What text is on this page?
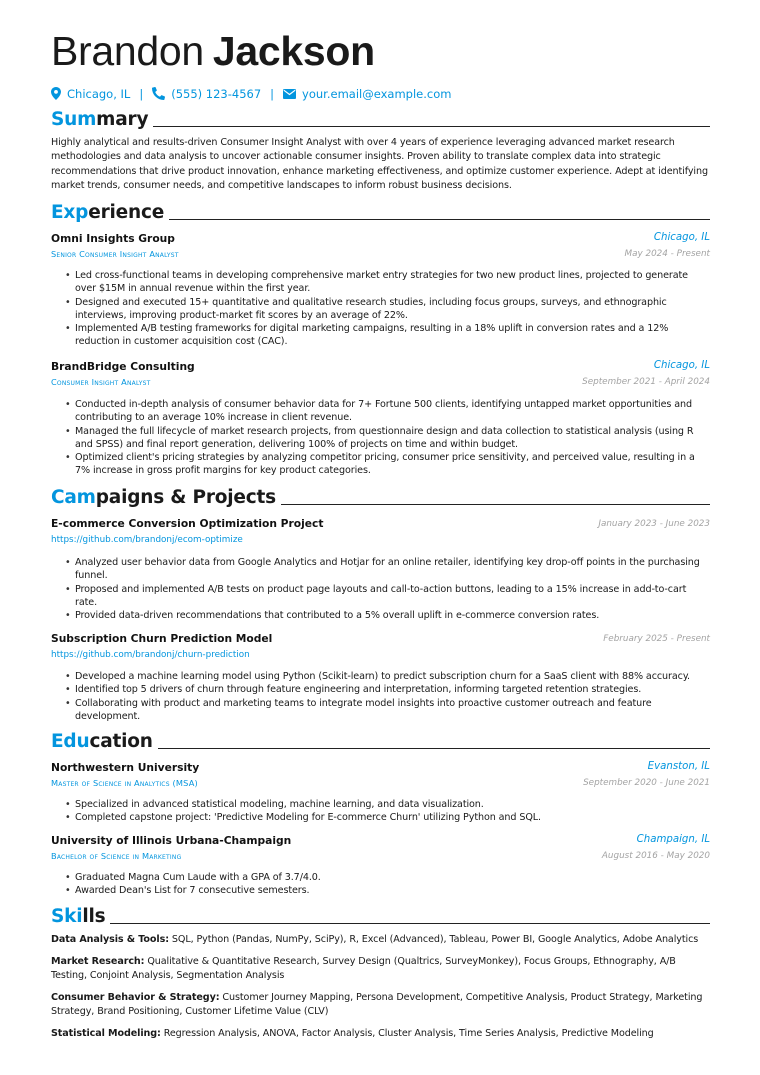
Brandon Jackson
Chicago, IL | (555) 123-4567 | your.email@example.com
Summary
Highly analytical and results-driven Consumer Insight Analyst with over 4 years of experience leveraging advanced market research methodologies and data analysis to uncover actionable consumer insights. Proven ability to translate complex data into strategic recommendations that drive product innovation, enhance marketing effectiveness, and optimize customer experience. Adept at identifying market trends, consumer needs, and competitive landscapes to inform robust business decisions.
Experience
Omni Insights Group	Chicago, IL
Senior Consumer Insight Analyst	May 2024 - Present
• Led cross-functional teams in developing comprehensive market entry strategies for two new product lines, projected to generate over $15M in annual revenue within the first year.
• Designed and executed 15+ quantitative and qualitative research studies, including focus groups, surveys, and ethnographic interviews, improving product-market fit scores by an average of 22%.
• Implemented A/B testing frameworks for digital marketing campaigns, resulting in a 18% uplift in conversion rates and a 12% reduction in customer acquisition cost (CAC).
BrandBridge Consulting	Chicago, IL
Consumer Insight Analyst	September 2021 - April 2024
• Conducted in-depth analysis of consumer behavior data for 7+ Fortune 500 clients, identifying untapped market opportunities and contributing to an average 10% increase in client revenue.
• Managed the full lifecycle of market research projects, from questionnaire design and data collection to statistical analysis (using R and SPSS) and final report generation, delivering 100% of projects on time and within budget.
• Optimized client's pricing strategies by analyzing competitor pricing, consumer price sensitivity, and perceived value, resulting in a 7% increase in gross profit margins for key product categories.
Campaigns & Projects
E-commerce Conversion Optimization Project	January 2023 - June 2023
https://github.com/brandonj/ecom-optimize
• Analyzed user behavior data from Google Analytics and Hotjar for an online retailer, identifying key drop-off points in the purchasing funnel.
• Proposed and implemented A/B tests on product page layouts and call-to-action buttons, leading to a 15% increase in add-to-cart rate.
• Provided data-driven recommendations that contributed to a 5% overall uplift in e-commerce conversion rates.
Subscription Churn Prediction Model	February 2025 - Present
https://github.com/brandonj/churn-prediction
• Developed a machine learning model using Python (Scikit-learn) to predict subscription churn for a SaaS client with 88% accuracy.
• Identified top 5 drivers of churn through feature engineering and interpretation, informing targeted retention strategies.
• Collaborating with product and marketing teams to integrate model insights into proactive customer outreach and feature development.
Education
Northwestern University	Evanston, IL
Master of Science in Analytics (MSA)	September 2020 - June 2021
• Specialized in advanced statistical modeling, machine learning, and data visualization.
• Completed capstone project: 'Predictive Modeling for E-commerce Churn' utilizing Python and SQL.
University of Illinois Urbana-Champaign	Champaign, IL
Bachelor of Science in Marketing	August 2016 - May 2020
• Graduated Magna Cum Laude with a GPA of 3.7/4.0.
• Awarded Dean's List for 7 consecutive semesters.
Skills
Data Analysis & Tools: SQL, Python (Pandas, NumPy, SciPy), R, Excel (Advanced), Tableau, Power BI, Google Analytics, Adobe Analytics
Market Research: Qualitative & Quantitative Research, Survey Design (Qualtrics, SurveyMonkey), Focus Groups, Ethnography, A/B Testing, Conjoint Analysis, Segmentation Analysis
Consumer Behavior & Strategy: Customer Journey Mapping, Persona Development, Competitive Analysis, Product Strategy, Marketing Strategy, Brand Positioning, Customer Lifetime Value (CLV)
Statistical Modeling: Regression Analysis, ANOVA, Factor Analysis, Cluster Analysis, Time Series Analysis, Predictive Modeling
